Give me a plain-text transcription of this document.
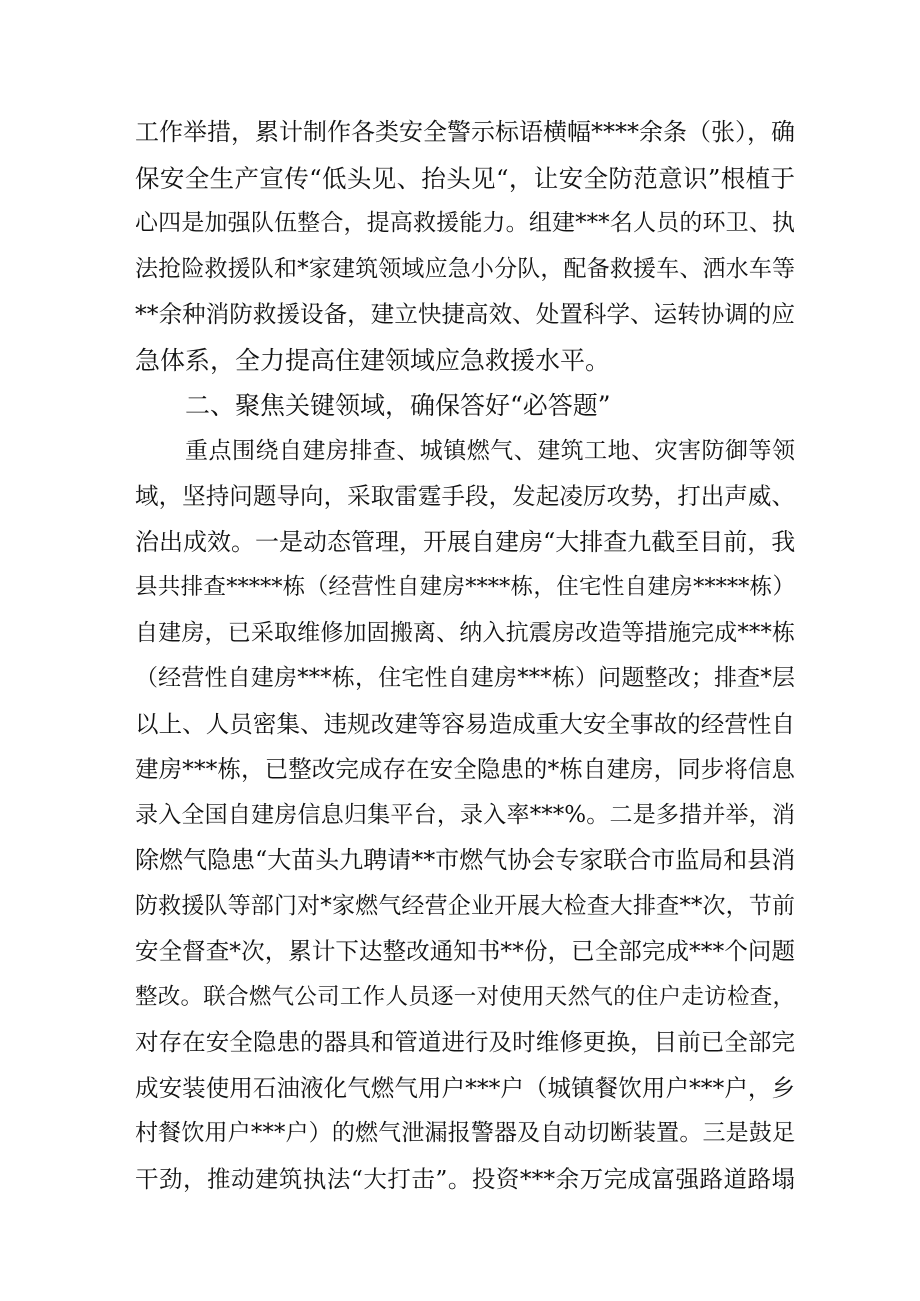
工作举措，累计制作各类安全警示标语横幅****余条（张），确
保安全生产宣传“低头见、抬头见“，让安全防范意识”根植于
心四是加强队伍整合，提高救援能力。组建***名人员的环卫、执
法抢险救援队和*家建筑领域应急小分队，配备救援车、洒水车等
**余种消防救援设备，建立快捷高效、处置科学、运转协调的应
急体系，全力提高住建领域应急救援水平。
二、聚焦关键领域，确保答好“必答题”
重点围绕自建房排查、城镇燃气、建筑工地、灾害防御等领
域，坚持问题导向，采取雷霆手段，发起凌厉攻势，打出声威、
治出成效。一是动态管理，开展自建房“大排查九截至目前，我
县共排查*****栋（经营性自建房****栋，住宅性自建房*****栋）
自建房，已采取维修加固搬离、纳入抗震房改造等措施完成***栋
（经营性自建房***栋，住宅性自建房***栋）问题整改；排查*层
以上、人员密集、违规改建等容易造成重大安全事故的经营性自
建房***栋，已整改完成存在安全隐患的*栋自建房，同步将信息
录入全国自建房信息归集平台，录入率***%。二是多措并举，消
除燃气隐患“大苗头九聘请**市燃气协会专家联合市监局和县消
防救援队等部门对*家燃气经营企业开展大检查大排查**次，节前
安全督查*次，累计下达整改通知书**份，已全部完成***个问题
整改。联合燃气公司工作人员逐一对使用天然气的住户走访检查，
对存在安全隐患的器具和管道进行及时维修更换，目前已全部完
成安装使用石油液化气燃气用户***户（城镇餐饮用户***户，乡
村餐饮用户***户）的燃气泄漏报警器及自动切断装置。三是鼓足
干劲，推动建筑执法“大打击”。投资***余万完成富强路道路塌
